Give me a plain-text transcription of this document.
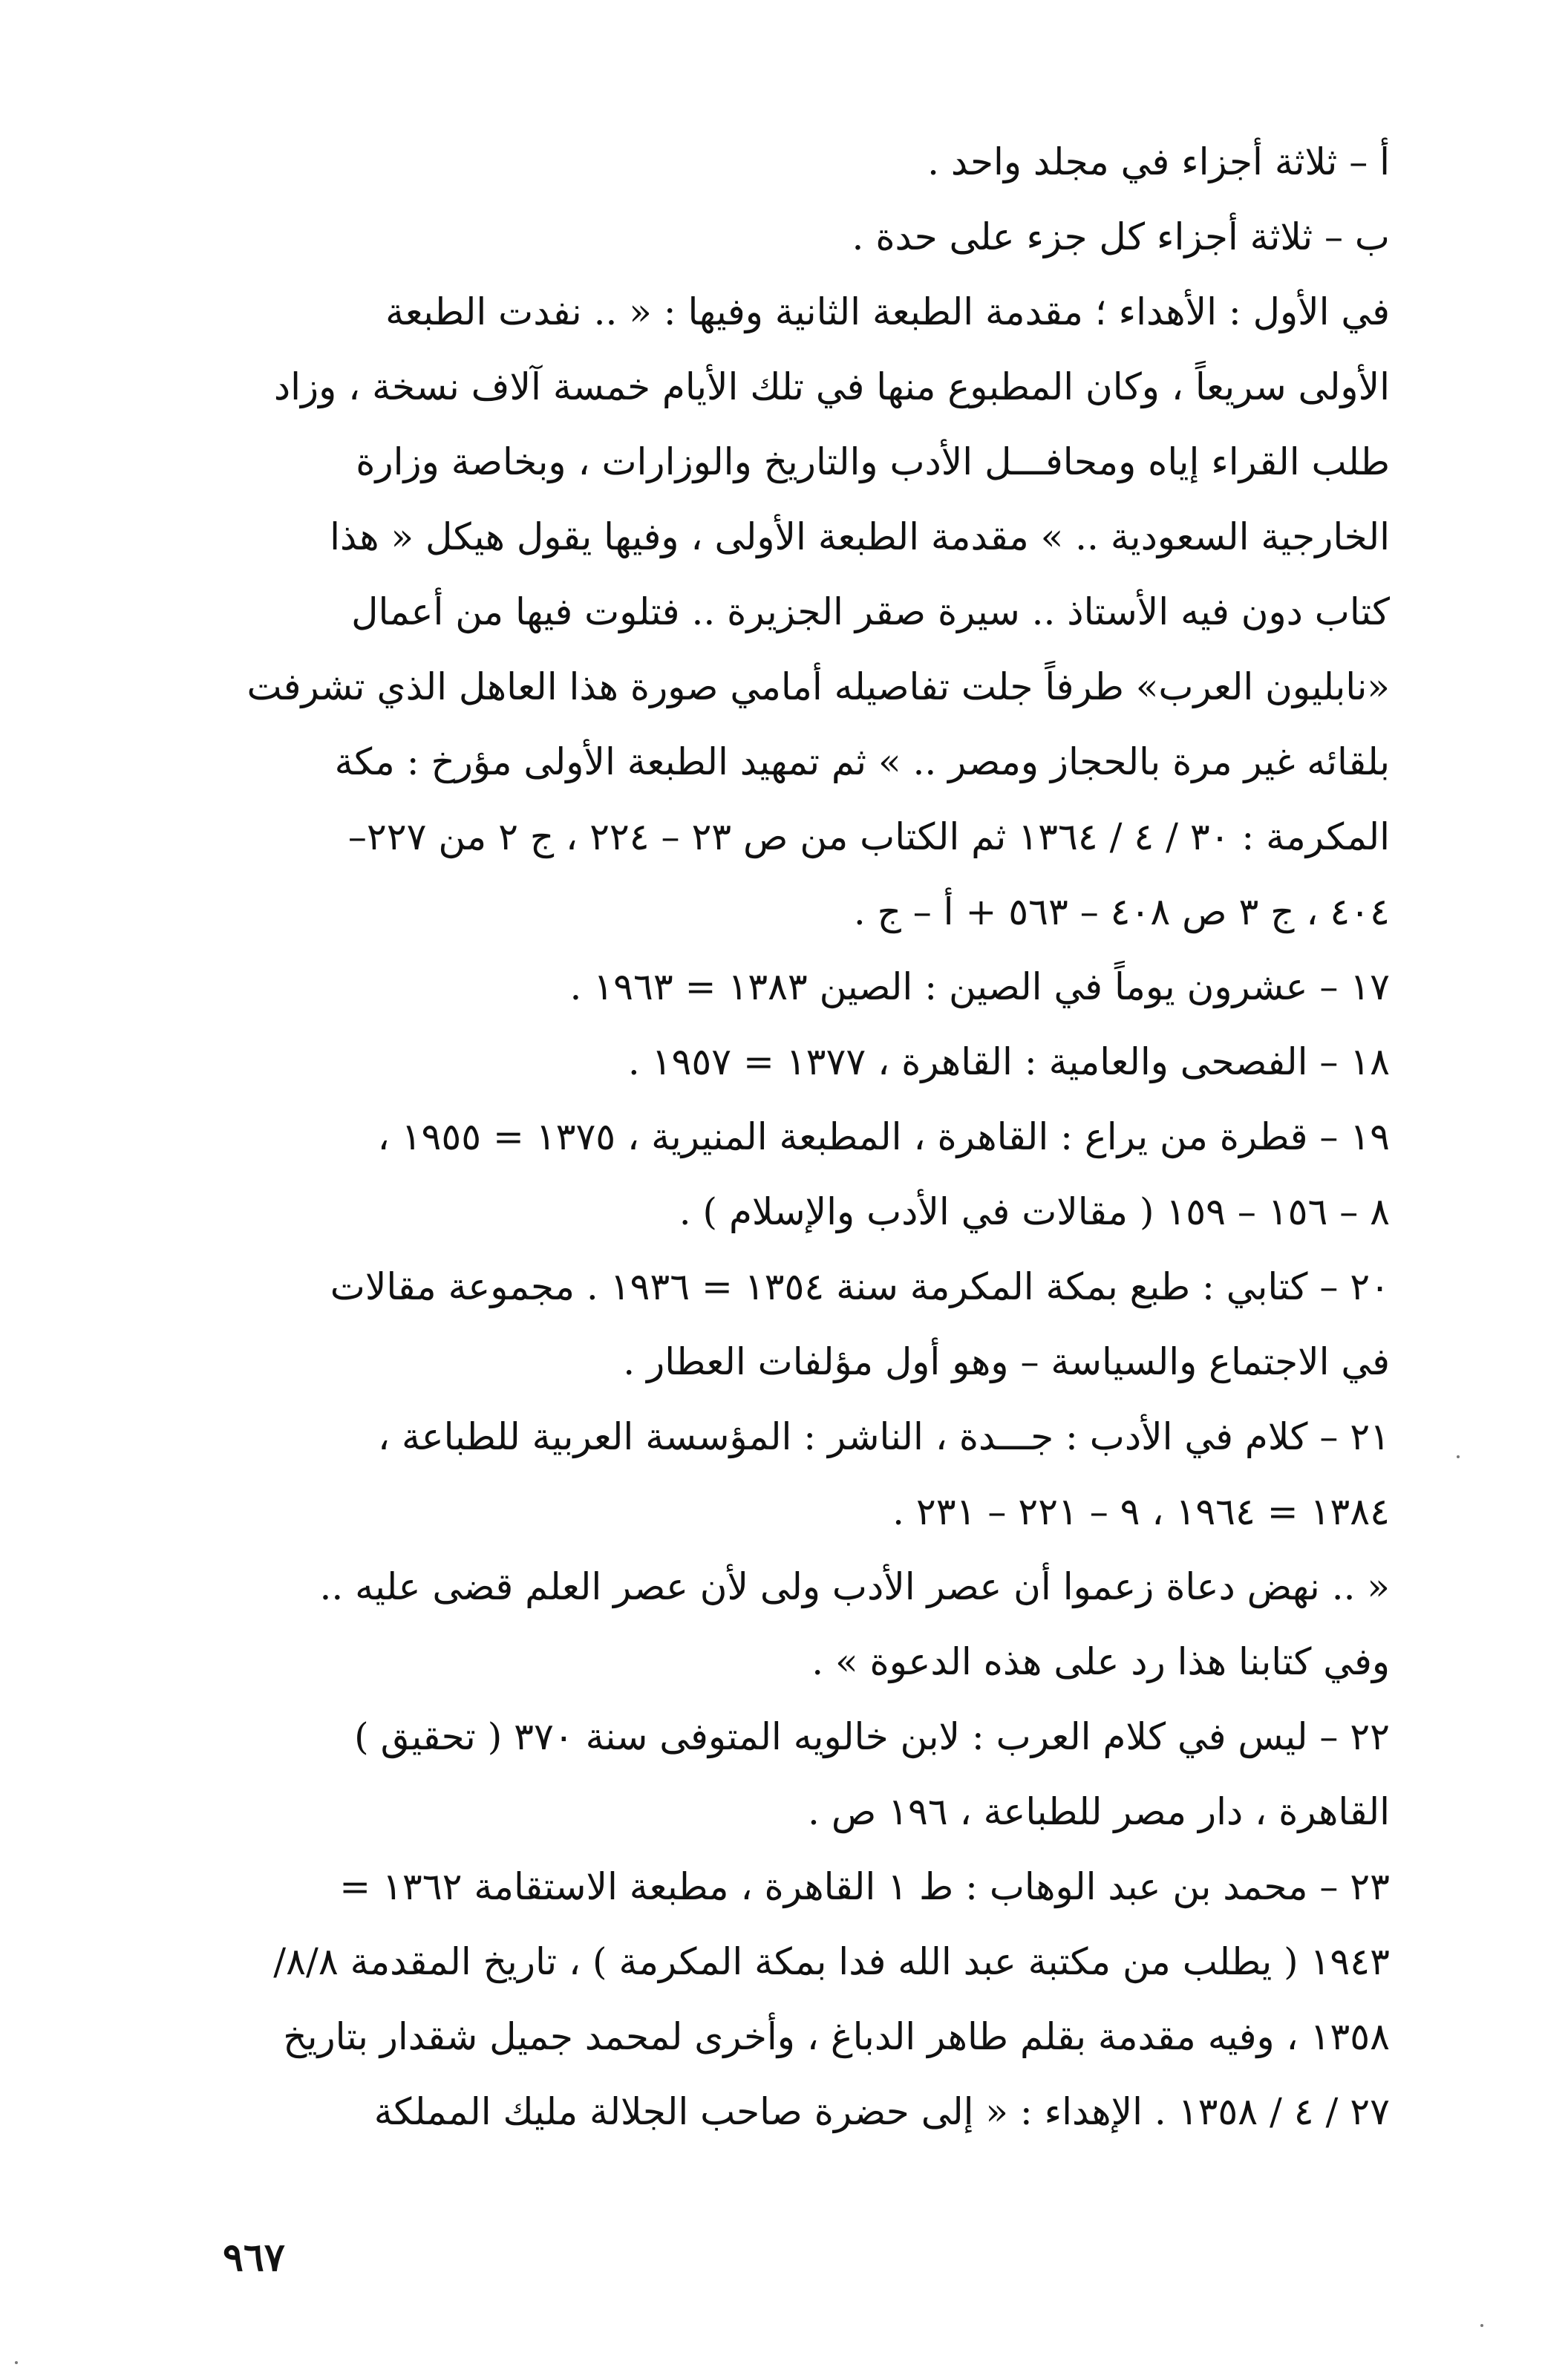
أ – ثلاثة أجزاء في مجلد واحد .
ب – ثلاثة أجزاء كل جزء على حدة .
في الأول : الأهداء ؛ مقدمة الطبعة الثانية وفيها : « .. نفدت الطبعة
الأولى سريعاً ، وكان المطبوع منها في تلك الأيام خمسة آلاف نسخة ، وزاد
طلب القراء إياه ومحافـــل الأدب والتاريخ والوزارات ، وبخاصة وزارة
الخارجية السعودية .. » مقدمة الطبعة الأولى ، وفيها يقول هيكل « هذا
كتاب دون فيه الأستاذ .. سيرة صقر الجزيرة .. فتلوت فيها من أعمال
«نابليون العرب» طرفاً جلت تفاصيله أمامي صورة هذا العاهل الذي تشرفت
بلقائه غير مرة بالحجاز ومصر .. » ثم تمهيد الطبعة الأولى مؤرخ : مكة
المكرمة : ٣٠ / ٤ / ١٣٦٤ ثم الكتاب من ص ٢٣ – ٢٢٤ ، ج ٢ من ٢٢٧–
٤٠٤ ، ج ٣ ص ٤٠٨ – ٥٦٣ + أ – ج .
١٧ – عشرون يوماً في الصين : الصين ١٣٨٣ = ١٩٦٣ .
١٨ – الفصحى والعامية : القاهرة ، ١٣٧٧ = ١٩٥٧ .
١٩ – قطرة من يراع : القاهرة ، المطبعة المنيرية ، ١٣٧٥ = ١٩٥٥ ،
٨ – ١٥٦ – ١٥٩ ( مقالات في الأدب والإسلام ) .
٢٠ – كتابي : طبع بمكة المكرمة سنة ١٣٥٤ = ١٩٣٦ . مجموعة مقالات
في الاجتماع والسياسة – وهو أول مؤلفات العطار .
٢١ – كلام في الأدب : جـــدة ، الناشر : المؤسسة العربية للطباعة ،
١٣٨٤ = ١٩٦٤ ، ٩ – ٢٢١ – ٢٣١ .
« .. نهض دعاة زعموا أن عصر الأدب ولى لأن عصر العلم قضى عليه ..
وفي كتابنا هذا رد على هذه الدعوة » .
٢٢ – ليس في كلام العرب : لابن خالويه المتوفى سنة ٣٧٠ ( تحقيق )
القاهرة ، دار مصر للطباعة ، ١٩٦ ص .
٢٣ – محمد بن عبد الوهاب : ط ١ القاهرة ، مطبعة الاستقامة ١٣٦٢ =
١٩٤٣ ( يطلب من مكتبة عبد الله فدا بمكة المكرمة ) ، تاريخ المقدمة ٨/٨/
١٣٥٨ ، وفيه مقدمة بقلم طاهر الدباغ ، وأخرى لمحمد جميل شقدار بتاريخ
٢٧ / ٤ / ١٣٥٨ . الإهداء : « إلى حضرة صاحب الجلالة مليك المملكة
٩٦٧
